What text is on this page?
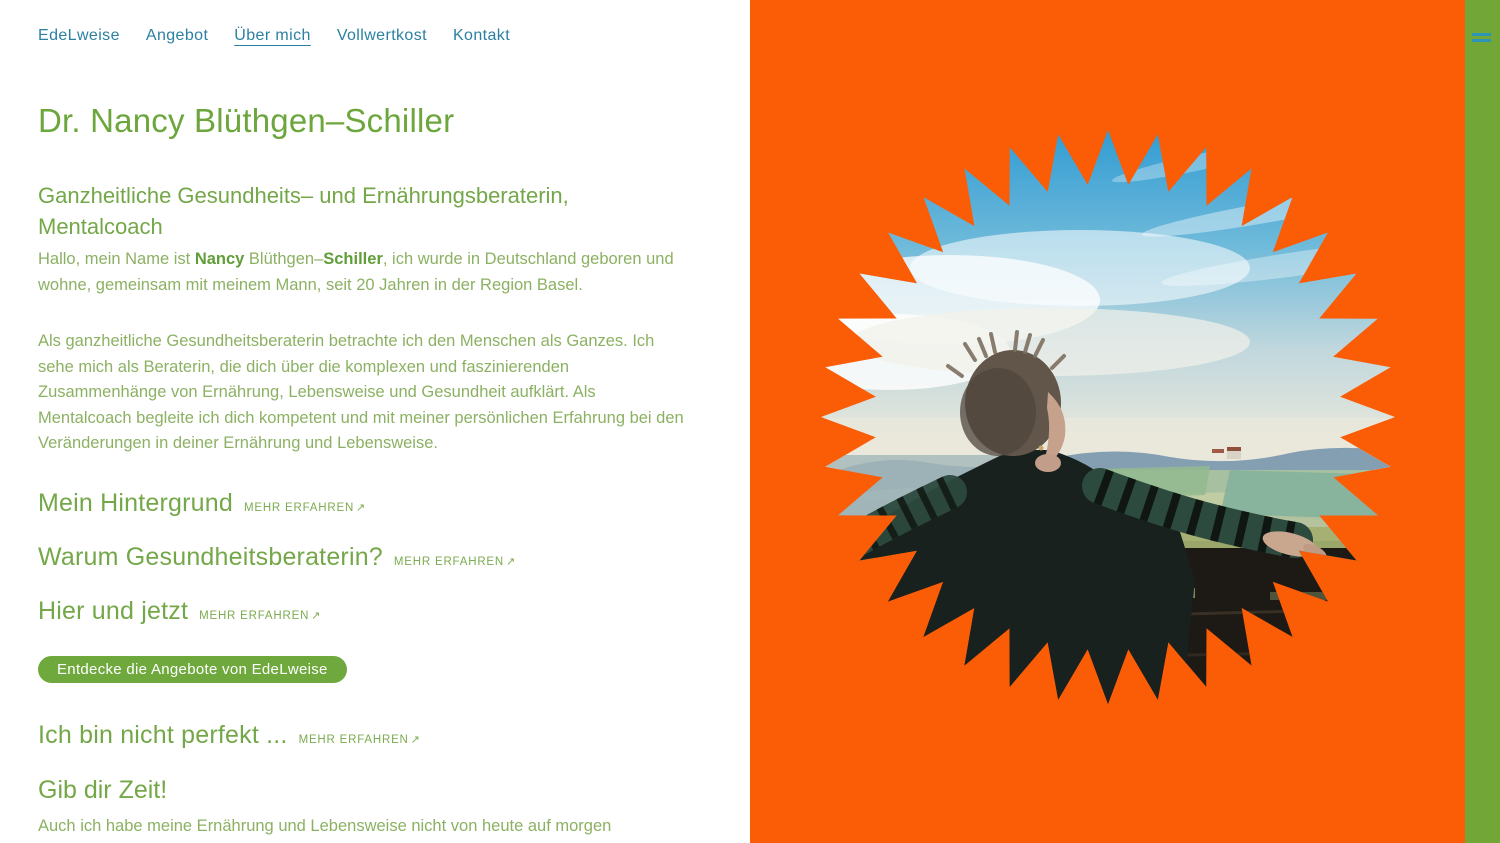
EdeLweise Angebot Über mich Vollwertkost Kontakt
Dr. Nancy Blüthgen–Schiller
Ganzheitliche Gesundheits– und Ernährungsberaterin, Mentalcoach

Hallo, mein Name ist Nancy Blüthgen–Schiller, ich wurde in Deutschland geboren und wohne, gemeinsam mit meinem Mann, seit 20 Jahren in der Region Basel.

Als ganzheitliche Gesundheitsberaterin betrachte ich den Menschen als Ganzes. Ich sehe mich als Beraterin, die dich über die komplexen und faszinierenden Zusammenhänge von Ernährung, Lebensweise und Gesundheit aufklärt. Als Mentalcoach begleite ich dich kompetent und mit meiner persönlichen Erfahrung bei den Veränderungen in deiner Ernährung und Lebensweise.

Mein Hintergrund MEHR ERFAHREN ↗
Warum Gesundheitsberaterin? MEHR ERFAHREN ↗
Hier und jetzt MEHR ERFAHREN ↗
Entdecke die Angebote von EdeLweise
Ich bin nicht perfekt ... MEHR ERFAHREN ↗
Gib dir Zeit!

Auch ich habe meine Ernährung und Lebensweise nicht von heute auf morgen
